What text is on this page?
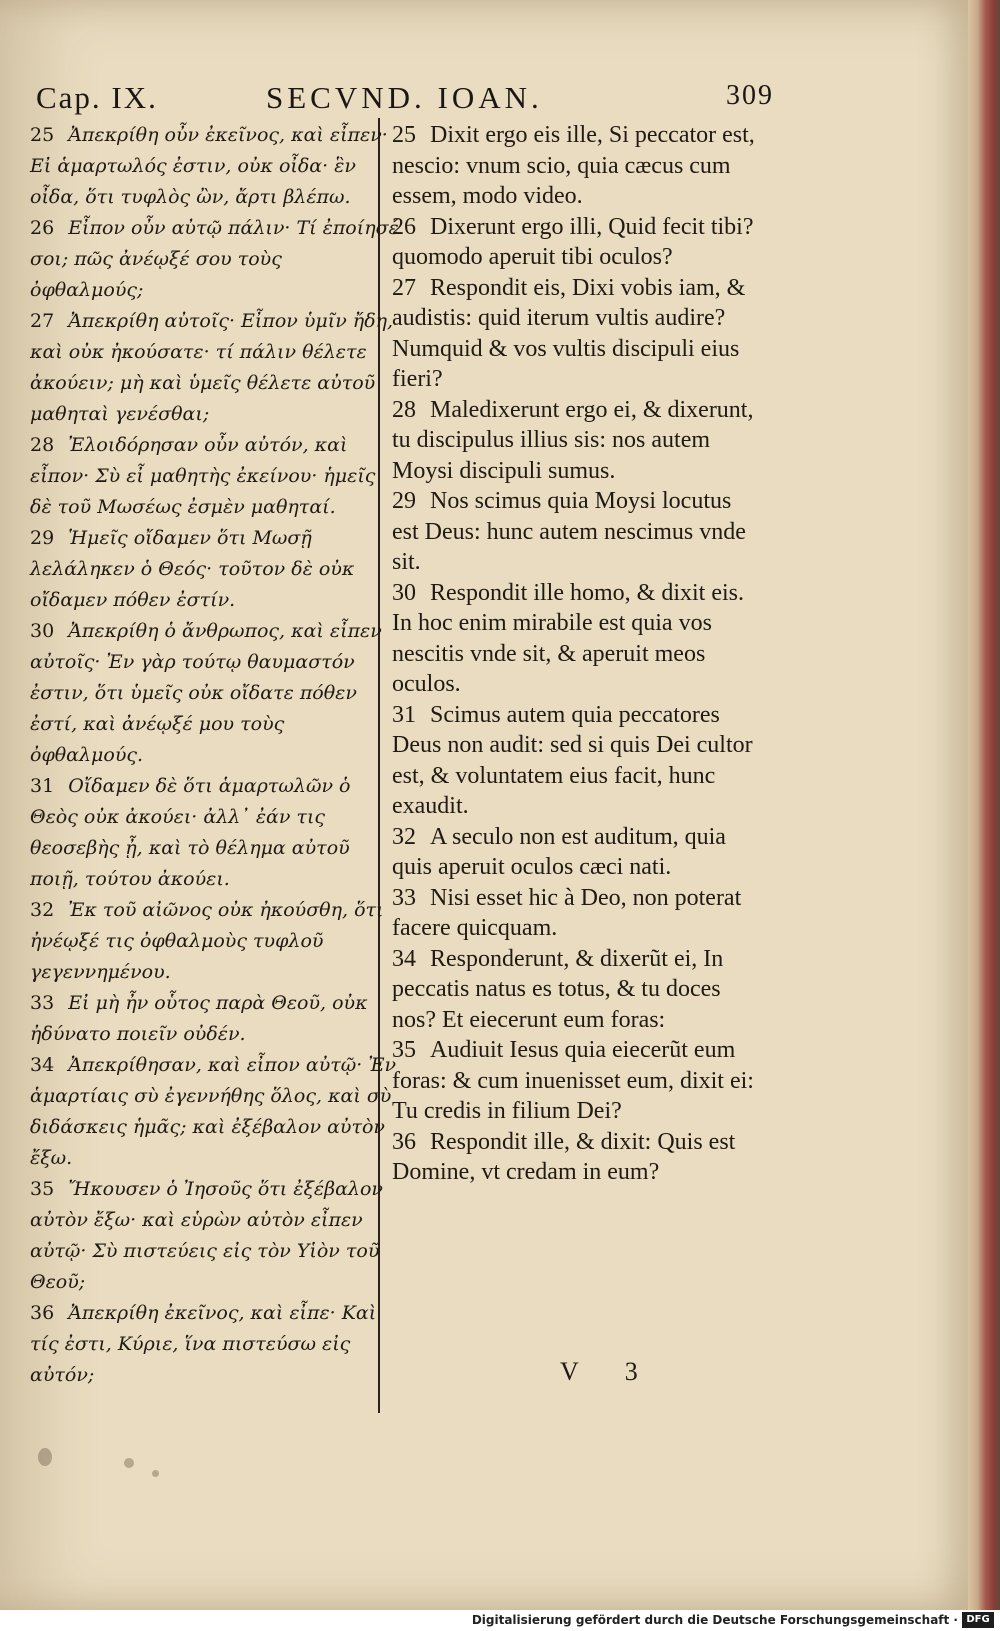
Cap. IX.	SECVND. IOAN.	309

25 Ἀπεκρίθη οὖν ἐκεῖνος, καὶ εἶπεν· Εἰ ἁμαρτωλός ἐστιν, οὐκ οἶδα· ἓν οἶδα, ὅτι τυφλὸς ὢν, ἄρτι βλέπω.

26 Εἶπον οὖν αὐτῷ πάλιν· Τί ἐποίησέ σοι; πῶς ἀνέῳξέ σου τοὺς ὀφθαλμούς;

27 Ἀπεκρίθη αὐτοῖς· Εἶπον ὑμῖν ἤδη, καὶ οὐκ ἠκούσατε· τί πάλιν θέλετε ἀκούειν; μὴ καὶ ὑμεῖς θέλετε αὐτοῦ μαθηταὶ γενέσθαι;

28 Ἐλοιδόρησαν οὖν αὐτόν, καὶ εἶπον· Σὺ εἶ μαθητὴς ἐκείνου· ἡμεῖς δὲ τοῦ Μωσέως ἐσμὲν μαθηταί.

29 Ἡμεῖς οἴδαμεν ὅτι Μωσῇ λελάληκεν ὁ Θεός· τοῦτον δὲ οὐκ οἴδαμεν πόθεν ἐστίν.

30 Ἀπεκρίθη ὁ ἄνθρωπος, καὶ εἶπεν αὐτοῖς· Ἐν γὰρ τούτῳ θαυμαστόν ἐστιν, ὅτι ὑμεῖς οὐκ οἴδατε πόθεν ἐστί, καὶ ἀνέῳξέ μου τοὺς ὀφθαλμούς.

31 Οἴδαμεν δὲ ὅτι ἁμαρτωλῶν ὁ Θεὸς οὐκ ἀκούει· ἀλλ᾽ ἐάν τις θεοσεβὴς ᾖ, καὶ τὸ θέλημα αὐτοῦ ποιῇ, τούτου ἀκούει.

32 Ἐκ τοῦ αἰῶνος οὐκ ἠκούσθη, ὅτι ἠνέῳξέ τις ὀφθαλμοὺς τυφλοῦ γεγεννημένου.

33 Εἰ μὴ ἦν οὗτος παρὰ Θεοῦ, οὐκ ἠδύνατο ποιεῖν οὐδέν.

34 Ἀπεκρίθησαν, καὶ εἶπον αὐτῷ· Ἐν ἁμαρτίαις σὺ ἐγεννήθης ὅλος, καὶ σὺ διδάσκεις ἡμᾶς; καὶ ἐξέβαλον αὐτὸν ἔξω.

35 Ἤκουσεν ὁ Ἰησοῦς ὅτι ἐξέβαλον αὐτὸν ἔξω· καὶ εὑρὼν αὐτὸν εἶπεν αὐτῷ· Σὺ πιστεύεις εἰς τὸν Υἱὸν τοῦ Θεοῦ;

36 Ἀπεκρίθη ἐκεῖνος, καὶ εἶπε· Καὶ τίς ἐστι, Κύριε, ἵνα πιστεύσω εἰς αὐτόν;

25 Dixit ergo eis ille, Si peccator est, nescio: vnum scio, quia cæcus cum essem, modo video.

26 Dixerunt ergo illi, Quid fecit tibi? quomodo aperuit tibi oculos?

27 Respondit eis, Dixi vobis iam, & audistis: quid iterum vultis audire? Numquid & vos vultis discipuli eius fieri?

28 Maledixerunt ergo ei, & dixerunt, tu discipulus illius sis: nos autem Moysi discipuli sumus.

29 Nos scimus quia Moysi locutus est Deus: hunc autem nescimus vnde sit.

30 Respondit ille homo, & dixit eis. In hoc enim mirabile est quia vos nescitis vnde sit, & aperuit meos oculos.

31 Scimus autem quia peccatores Deus non audit: sed si quis Dei cultor est, & voluntatem eius facit, hunc exaudit.

32 A seculo non est auditum, quia quis aperuit oculos cæci nati.

33 Nisi esset hic à Deo, non poterat facere quicquam.

34 Responderunt, & dixerũt ei, In peccatis natus es totus, & tu doces nos? Et eiecerunt eum foras:

35 Audiuit Iesus quia eiecerũt eum foras: & cum inuenisset eum, dixit ei: Tu credis in filium Dei?

36 Respondit ille, & dixit: Quis est Domine, vt credam in eum?

V 3
Digitalisierung gefördert durch die Deutsche Forschungsgemeinschaft · DFG
